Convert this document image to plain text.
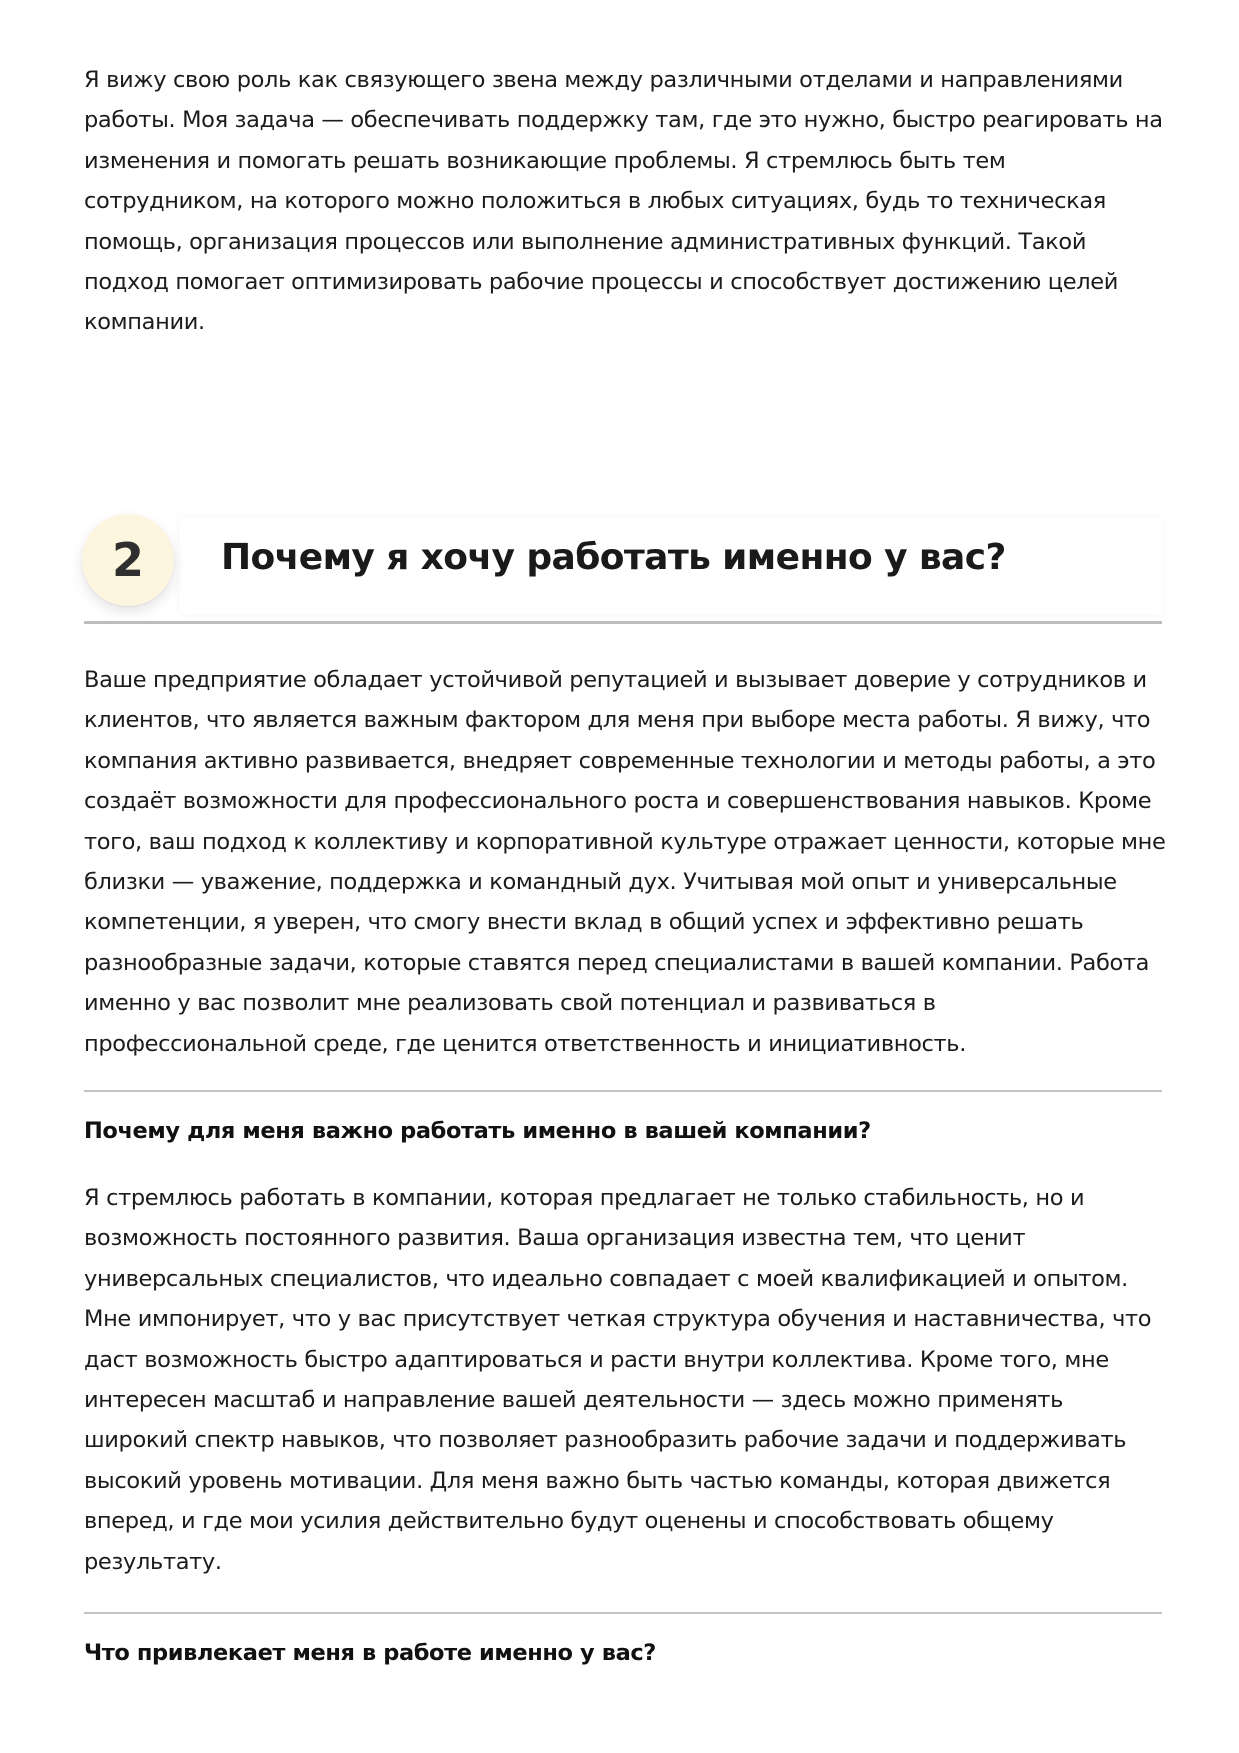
Я вижу свою роль как связующего звена между различными отделами и направлениями
работы. Моя задача — обеспечивать поддержку там, где это нужно, быстро реагировать на
изменения и помогать решать возникающие проблемы. Я стремлюсь быть тем
сотрудником, на которого можно положиться в любых ситуациях, будь то техническая
помощь, организация процессов или выполнение административных функций. Такой
подход помогает оптимизировать рабочие процессы и способствует достижению целей
компании.

2	Почему я хочу работать именно у вас?

Ваше предприятие обладает устойчивой репутацией и вызывает доверие у сотрудников и
клиентов, что является важным фактором для меня при выборе места работы. Я вижу, что
компания активно развивается, внедряет современные технологии и методы работы, а это
создаёт возможности для профессионального роста и совершенствования навыков. Кроме
того, ваш подход к коллективу и корпоративной культуре отражает ценности, которые мне
близки — уважение, поддержка и командный дух. Учитывая мой опыт и универсальные
компетенции, я уверен, что смогу внести вклад в общий успех и эффективно решать
разнообразные задачи, которые ставятся перед специалистами в вашей компании. Работа
именно у вас позволит мне реализовать свой потенциал и развиваться в
профессиональной среде, где ценится ответственность и инициативность.

Почему для меня важно работать именно в вашей компании?

Я стремлюсь работать в компании, которая предлагает не только стабильность, но и
возможность постоянного развития. Ваша организация известна тем, что ценит
универсальных специалистов, что идеально совпадает с моей квалификацией и опытом.
Мне импонирует, что у вас присутствует четкая структура обучения и наставничества, что
даст возможность быстро адаптироваться и расти внутри коллектива. Кроме того, мне
интересен масштаб и направление вашей деятельности — здесь можно применять
широкий спектр навыков, что позволяет разнообразить рабочие задачи и поддерживать
высокий уровень мотивации. Для меня важно быть частью команды, которая движется
вперед, и где мои усилия действительно будут оценены и способствовать общему
результату.

Что привлекает меня в работе именно у вас?
